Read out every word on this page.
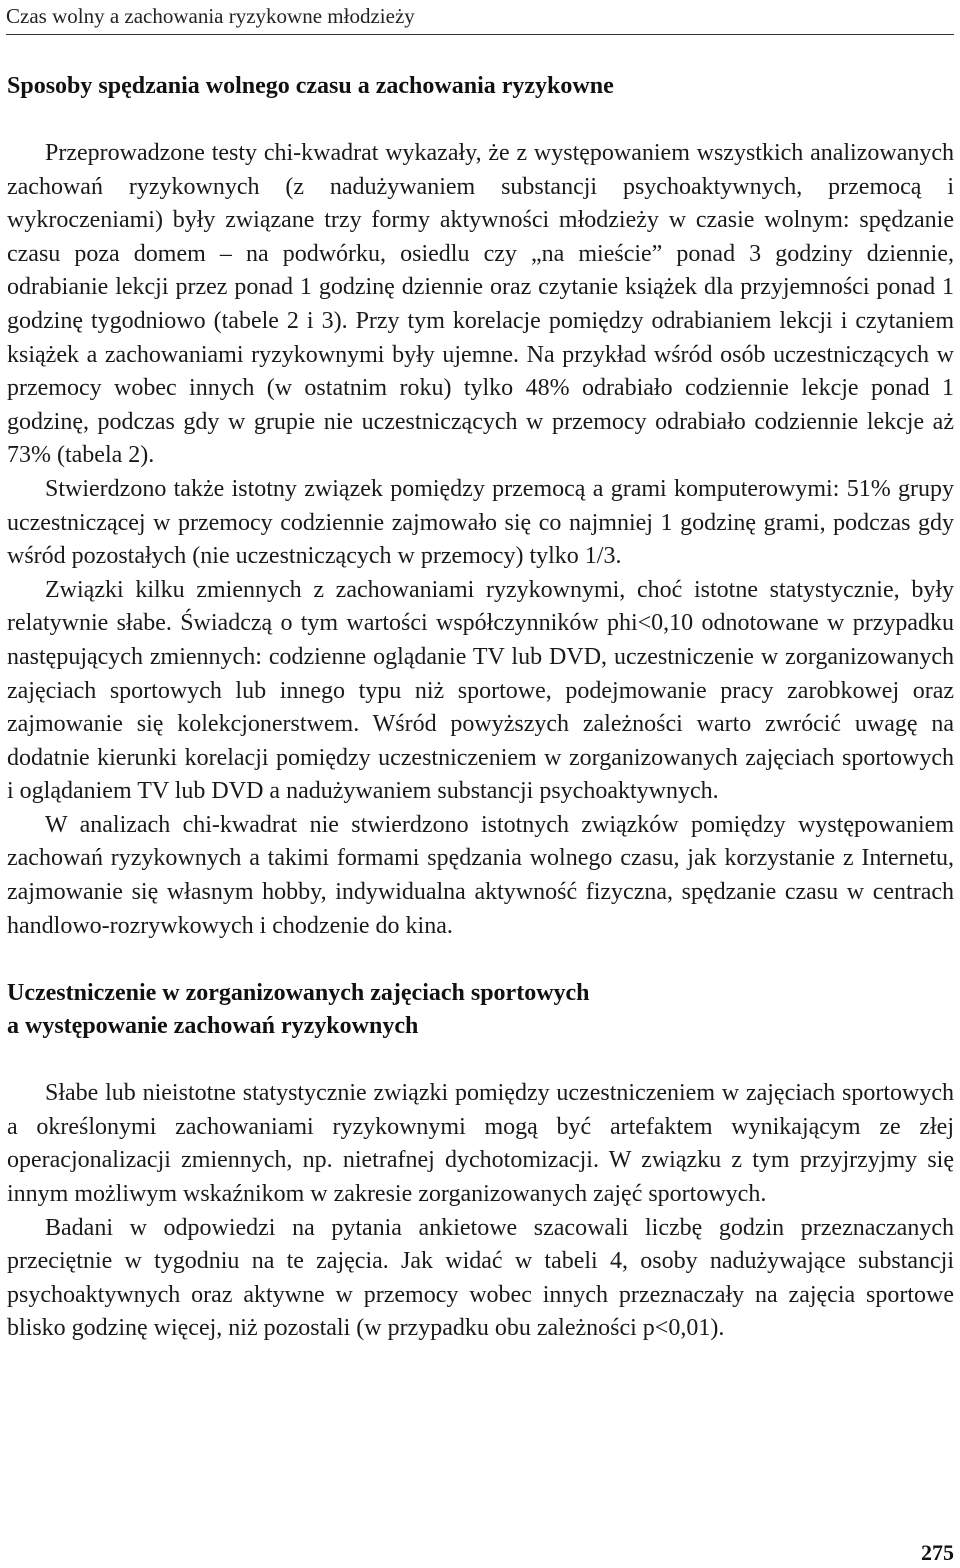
Czas wolny a zachowania ryzykowne młodzieży
Sposoby spędzania wolnego czasu a zachowania ryzykowne

Przeprowadzone testy chi-kwadrat wykazały, że z występowaniem wszystkich analizowanych zachowań ryzykownych (z nadużywaniem substancji psychoaktywnych, przemocą i wykroczeniami) były związane trzy formy aktywności młodzieży w czasie wolnym: spędzanie czasu poza domem – na podwórku, osiedlu czy „na mieście” ponad 3 godziny dziennie, odrabianie lekcji przez ponad 1 godzinę dziennie oraz czytanie książek dla przyjemności ponad 1 godzinę tygodniowo (tabele 2 i 3). Przy tym korelacje pomiędzy odrabianiem lekcji i czytaniem książek a zachowaniami ryzykownymi były ujemne. Na przykład wśród osób uczestniczących w przemocy wobec innych (w ostatnim roku) tylko 48% odrabiało codziennie lekcje ponad 1 godzinę, podczas gdy w grupie nie uczestniczących w przemocy odrabiało codziennie lekcje aż 73% (tabela 2).

Stwierdzono także istotny związek pomiędzy przemocą a grami komputerowymi: 51% grupy uczestniczącej w przemocy codziennie zajmowało się co najmniej 1 godzinę grami, podczas gdy wśród pozostałych (nie uczestniczących w przemocy) tylko 1/3.

Związki kilku zmiennych z zachowaniami ryzykownymi, choć istotne statystycznie, były relatywnie słabe. Świadczą o tym wartości współczynników phi<0,10 odnotowane w przypadku następujących zmiennych: codzienne oglądanie TV lub DVD, uczestniczenie w zorganizowanych zajęciach sportowych lub innego typu niż sportowe, podejmowanie pracy zarobkowej oraz zajmowanie się kolekcjonerstwem. Wśród powyższych zależności warto zwrócić uwagę na dodatnie kierunki korelacji pomiędzy uczestniczeniem w zorganizowanych zajęciach sportowych i oglądaniem TV lub DVD a nadużywaniem substancji psychoaktywnych.

W analizach chi-kwadrat nie stwierdzono istotnych związków pomiędzy występowaniem zachowań ryzykownych a takimi formami spędzania wolnego czasu, jak korzystanie z Internetu, zajmowanie się własnym hobby, indywidualna aktywność fizyczna, spędzanie czasu w centrach handlowo-rozrywkowych i chodzenie do kina.

Uczestniczenie w zorganizowanych zajęciach sportowych
a występowanie zachowań ryzykownych

Słabe lub nieistotne statystycznie związki pomiędzy uczestniczeniem w zajęciach sportowych a określonymi zachowaniami ryzykownymi mogą być artefaktem wynikającym ze złej operacjonalizacji zmiennych, np. nietrafnej dychotomizacji. W związku z tym przyjrzyjmy się innym możliwym wskaźnikom w zakresie zorganizowanych zajęć sportowych.

Badani w odpowiedzi na pytania ankietowe szacowali liczbę godzin przeznaczanych przeciętnie w tygodniu na te zajęcia. Jak widać w tabeli 4, osoby nadużywające substancji psychoaktywnych oraz aktywne w przemocy wobec innych przeznaczały na zajęcia sportowe blisko godzinę więcej, niż pozostali (w przypadku obu zależności p<0,01).

275
